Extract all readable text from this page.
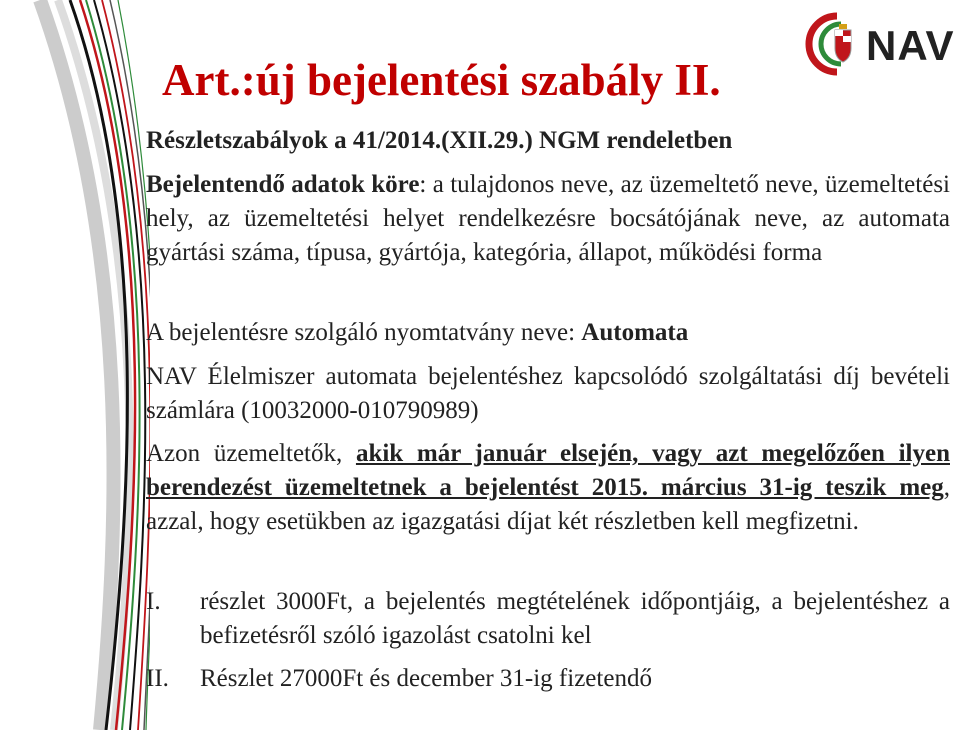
Art.:új bejelentési szabály II.
NAV

Részletszabályok a 41/2014.(XII.29.) NGM rendeletben

Bejelentendő adatok köre: a tulajdonos neve, az üzemeltető neve, üzemeltetési hely, az üzemeltetési helyet rendelkezésre bocsátójának neve, az automata gyártási száma, típusa, gyártója, kategória, állapot, működési forma

A bejelentésre szolgáló nyomtatvány neve: Automata

NAV Élelmiszer automata bejelentéshez kapcsolódó szolgáltatási díj bevételi számlára (10032000-010790989)

Azon üzemeltetők, akik már január elsején, vagy azt megelőzően ilyen berendezést üzemeltetnek a bejelentést 2015. március 31-ig teszik meg, azzal, hogy esetükben az igazgatási díjat két részletben kell megfizetni.

I. részlet 3000Ft, a bejelentés megtételének időpontjáig, a bejelentéshez a befizetésről szóló igazolást csatolni kel
II. Részlet 27000Ft és december 31-ig fizetendő
